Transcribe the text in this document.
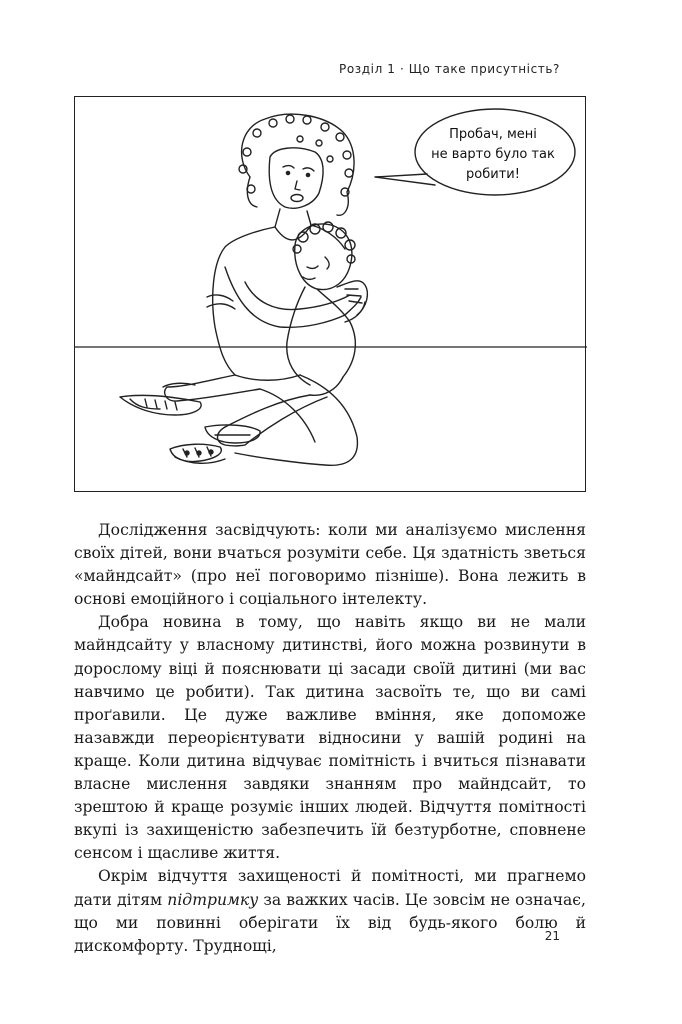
Розділ 1 · Що таке присутність?
Пробач, мені
не варто було так
робити!

Дослідження засвідчують: коли ми аналізуємо мислення своїх дітей, вони вчаться розуміти себе. Ця здатність зветься «майндсайт» (про неї поговоримо пізніше). Вона лежить в основі емоційного і соціального інтелекту.

Добра новина в тому, що навіть якщо ви не мали майндсайту у власному дитинстві, його можна розвинути в дорослому віці й пояснювати ці засади своїй дитині (ми вас навчимо це робити). Так дитина засвоїть те, що ви самі проґавили. Це дуже важливе вміння, яке допоможе назавжди переорієнтувати відносини у вашій родині на краще. Коли дитина відчуває помітність і вчиться пізнавати власне мислення завдяки знанням про майндсайт, то зрештою й краще розуміє інших людей. Відчуття помітності вкупі із захищеністю забезпечить їй безтурботне, сповнене сенсом і щасливе життя.

Окрім відчуття захищеності й помітності, ми прагнемо дати дітям підтримку за важких часів. Це зовсім не означає, що ми повинні оберігати їх від будь-якого болю й дискомфорту. Труднощі,

21
